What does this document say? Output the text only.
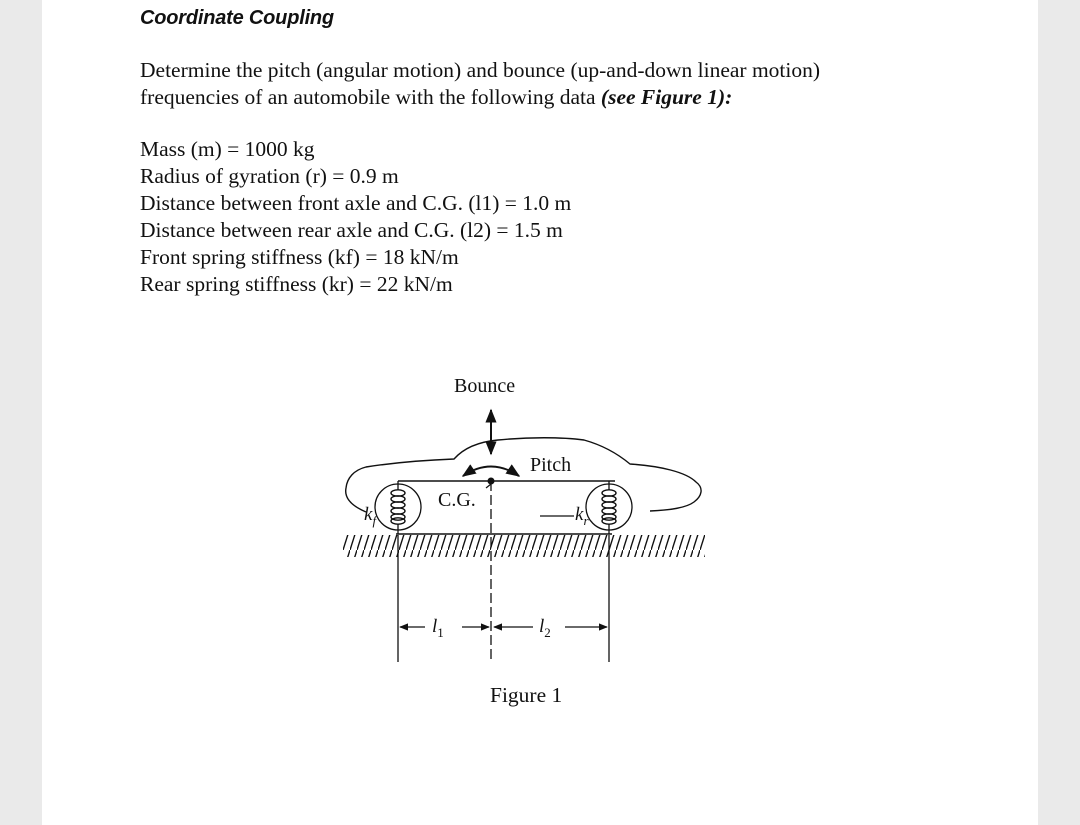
Coordinate Coupling
Determine the pitch (angular motion) and bounce (up-and-down linear motion) frequencies of an automobile with the following data (see Figure 1):
Mass (m) = 1000 kg
Radius of gyration (r) = 0.9 m
Distance between front axle and C.G. (l1) = 1.0 m
Distance between rear axle and C.G. (l2) = 1.5 m
Front spring stiffness (kf) = 18 kN/m
Rear spring stiffness (kr) = 22 kN/m
Figure 1
$l_1$	$l_2$
Bounce
Pitch
C.G.
$k_f$	$k_r$
